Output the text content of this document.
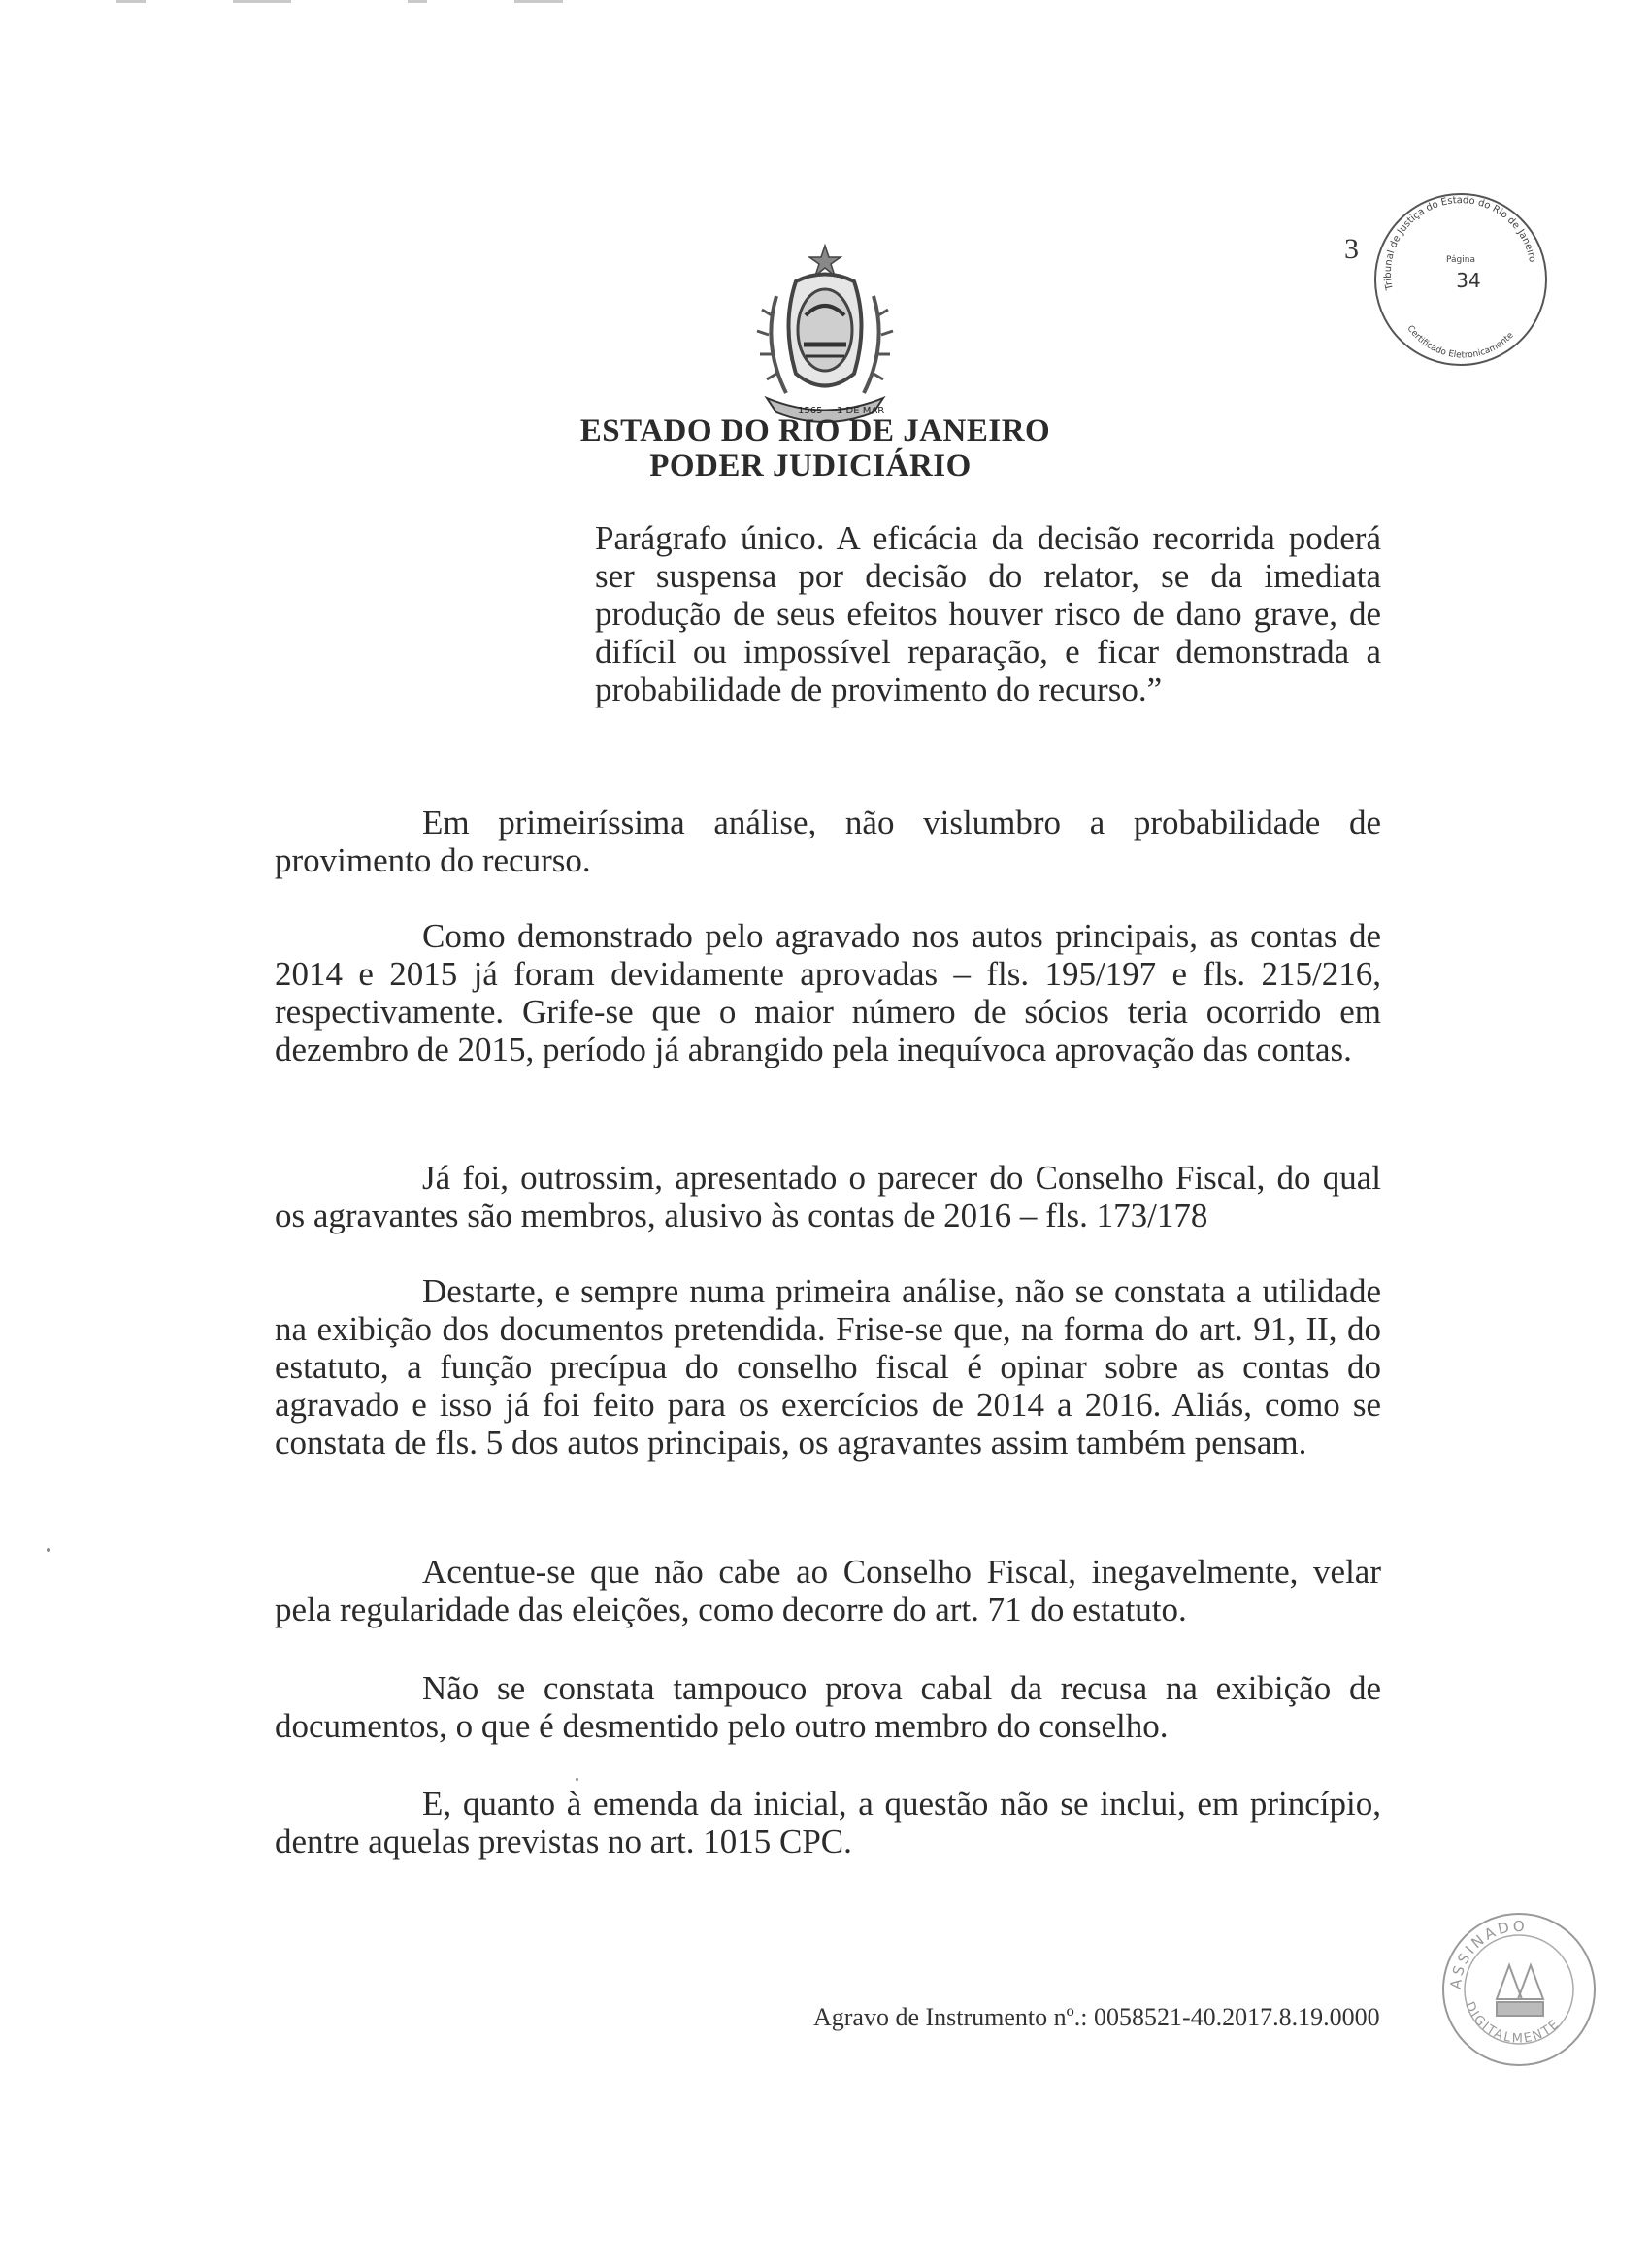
1565 1 DE MAR
ESTADO DO RIO DE JANEIRO
PODER JUDICIÁRIO
3
Tribunal de Justiça do Estado do Rio de Janeiro
Página
34
Certificado Eletronicamente

Parágrafo único. A eficácia da decisão recorrida poderá ser suspensa por decisão do relator, se da imediata produção de seus efeitos houver risco de dano grave, de difícil ou impossível reparação, e ficar demonstrada a probabilidade de provimento do recurso.”

Em primeiríssima análise, não vislumbro a probabilidade de provimento do recurso.

Como demonstrado pelo agravado nos autos principais, as contas de 2014 e 2015 já foram devidamente aprovadas – fls. 195/197 e fls. 215/216, respectivamente. Grife-se que o maior número de sócios teria ocorrido em dezembro de 2015, período já abrangido pela inequívoca aprovação das contas.

Já foi, outrossim, apresentado o parecer do Conselho Fiscal, do qual os agravantes são membros, alusivo às contas de 2016 – fls. 173/178

Destarte, e sempre numa primeira análise, não se constata a utilidade na exibição dos documentos pretendida. Frise-se que, na forma do art. 91, II, do estatuto, a função precípua do conselho fiscal é opinar sobre as contas do agravado e isso já foi feito para os exercícios de 2014 a 2016. Aliás, como se constata de fls. 5 dos autos principais, os agravantes assim também pensam.

Acentue-se que não cabe ao Conselho Fiscal, inegavelmente, velar pela regularidade das eleições, como decorre do art. 71 do estatuto.

Não se constata tampouco prova cabal da recusa na exibição de documentos, o que é desmentido pelo outro membro do conselho.

E, quanto à emenda da inicial, a questão não se inclui, em princípio, dentre aquelas previstas no art. 1015 CPC.

Agravo de Instrumento nº.: 0058521-40.2017.8.19.0000
ASSINADO
DIGITALMENTE
